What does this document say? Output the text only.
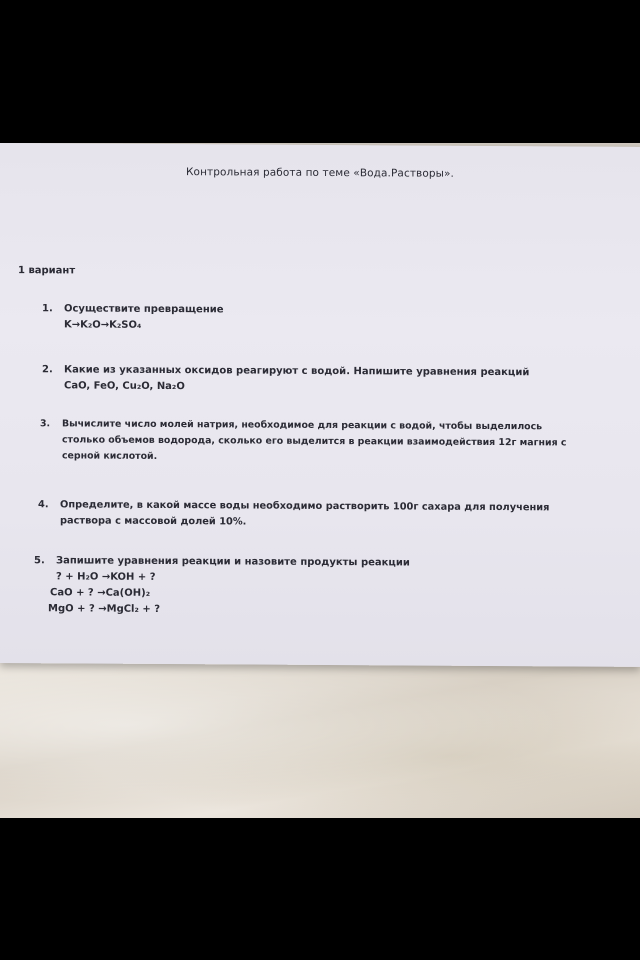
Контрольная работа по теме «Вода.Растворы».
1 вариант
1. Осуществите превращение
K→K₂O→K₂SO₄
2. Какие из указанных оксидов реагируют с водой. Напишите уравнения реакций
CaO, FeO, Cu₂O, Na₂O
3. Вычислите число молей натрия, необходимое для реакции с водой, чтобы выделилось
столько объемов водорода, сколько его выделится в реакции взаимодействия 12г магния с
серной кислотой.
4. Определите, в какой массе воды необходимо растворить 100г сахара для получения
раствора с массовой долей 10%.
5. Запишите уравнения реакции и назовите продукты реакции
? + H₂O →KOH + ?
CaO + ? →Ca(OH)₂
MgO + ? →MgCl₂ + ?
